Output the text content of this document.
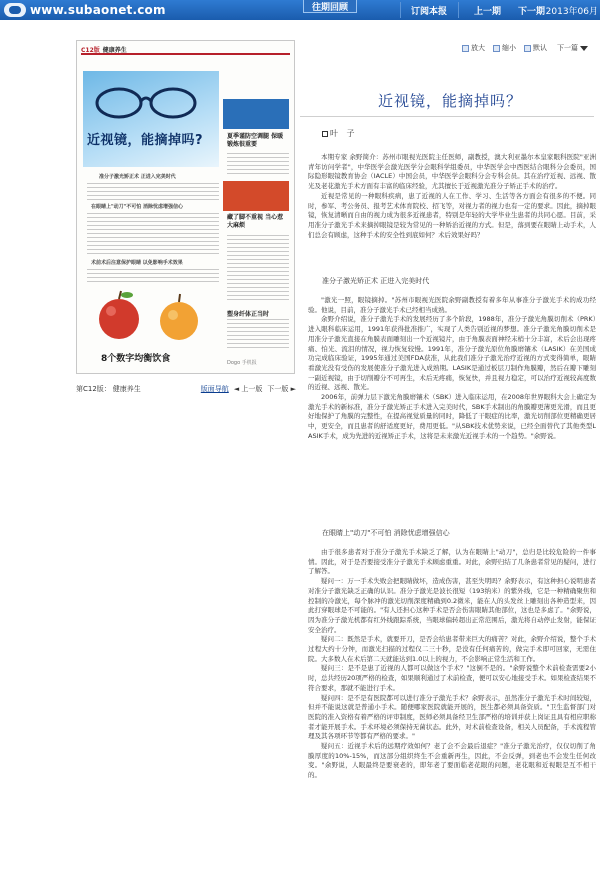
www.subaonet.com	往期回顾	订阅本报	上一期 下一期 2013年06月
C12版 健康养生
近视镜，能摘掉吗?	夏季谨防空调腿 保暖锻炼很重要
藏了脚不重视 当心惹大麻烦
准分子激光矫正术 正进入完美时代
在眼睛上"动刀"不可怕 消除忧虑增强信心
术前术后注意保护眼睛 以免影响手术效果
塑身纤体正当时
8个数字均衡饮食	Dogo 手机报
第C12版： 健康养生	版面导航 ◄ 上一版 下一版 ►
放大 缩小 默认 下一篇
近视镜，能摘掉吗？
叶 子

本期专家 余野简介：苏州市眼视光医院主任医师，副教授，澳大利亚墨尔本皇家眼科医院"亚洲青年访问学者"，中华医学会激光医学分会眼科学组委员，中华医学会中西医结合眼科分会委员，国际隐形眼镜教育协会（IACLE）中国会员，中华医学会眼科分会专科会员。其在治疗近视、远视、散光及老花激光手术方面有丰富的临床经验，尤其擅长于近视激光准分子矫正手术的治疗。

近视是常见的一种眼科疾病，患了近视的人在工作、学习、生活等各方面会有很多的不便。同时，参军、考公务员、报考艺术体育院校、招飞等，对视力者的视力也有一定的要求。因此，摘掉眼镜，恢复清晰而自由的视力成为很多近视患者，特别是年轻的大学毕业生患者的共同心愿。目前，采用准分子激光手术来摘掉眼镜是较为常见的一种矫治近视的方式。但是，落到要在眼睛上动手术，人们总会有顾虑，这种手术的安全性到底如何？术后效果好吗？

准分子激光矫正术 正进入完美时代

"激光一照，眼镜摘掉。"苏州市眼视光医院余野副教授有着多年从事准分子激光手术的成功经验。他说，目前，准分子激光手术已经相当成熟。

余野介绍说，准分子激光手术的发展经历了多个阶段，1988年，准分子激光角膜切削术（PRK）进入眼科临床运用，1991年获得批准推广，实现了人类告别近视的梦想。准分子激光角膜切削术是用准分子激光直接在角膜表面雕刻出一个近视镜片，由于角膜表面神经末梢十分丰富，术后会出现疼痛、怕光、流泪的情况，视力恢复较慢。1991年，准分子激光原位角膜磨镶术（LASIK）在美国成功完成临床验证，1995年通过美国FDA获准，从此我们准分子激光治疗近视的方式变得简单，眼睛看激光没有受伤的发展使准分子激光进入成熟期。LASIK是通过板层刀制作角膜瓣，然后在瓣下雕刻一副近视镜，由于切削瓣分不可再生，术后无疼痛，恢复快，并且视力稳定，可以治疗近视较高度数的近视、远视、散光。

2006年，前弹力层下激光角膜磨镶术（SBK）进入临床运用，在2008年世界眼科大会上确定为激光手术的新标准，准分子激光矫正手术进入完美时代，SBK手术制出的角膜瓣更薄更光滑，而且更好地保护了角膜的完整性，在提高视觉质量的同时，降低了干眼症的比率，激光切削部位更精确更居中，更安全，而且患者的舒适度更好，费用更低。"从SBK技术优势来说，已经全面替代了其他类型LASIK手术，成为先进的近视矫正手术，这将是未来激光近视手术的一个趋势。"余野说。

在眼睛上"动刀"不可怕 消除忧虑增强信心

由于很多患者对于准分子激光手术缺乏了解，认为在眼睛上"动刀"，总归是比较危险的一件事情。因此，对于是否要接受准分子激光手术顾虑重重。对此，余野归结了几条患者常见的疑问，进行了解答。

疑问一：万一手术失败会把眼睛做坏，造成伤害，甚至失明吗？余野表示，有这种担心说明患者对准分子激光缺乏正确的认识。准分子激光是波长很短（193纳米）的紫外线，它是一种精确聚焦和控制的冷激光，每个脉冲的激光切削深度精确到0.2微米，能在人的头发丝上雕刻出各种造型来，因此打穿眼球是不可能的。"有人还担心这种手术是否会伤害眼睛其他部位，这也是多虑了。"余野说，因为准分子激光机都有红外线跟踪系统，当眼球偏转超出正常范围后，激光将自动停止发射，能保证安全治疗。

疑问二：既然是手术，就要开刀，是否会给患者带来巨大的痛苦？对此，余野介绍说，整个手术过程大约十分钟，而激光扫描的过程仅二三十秒，是没有任何痛苦的，做完手术即可回家，无需住院。大多数人在术后第二天就能达到1.0以上的视力，不会影响正常生活和工作。

疑问三：是不是患了近视的人都可以做这个手术？"这倒不是的。"余野说整个术前检查需要2小时，总共经历20项严格的检查，如果顺利通过了术前检查，便可以安心地接受手术。如果检查结果不符合要求，那就不能进行手术。

疑问四：是不是有医院都可以进行准分子激光手术？余野表示，虽然准分子激光手术时间较短，但并不能说这就是普通小手术。随便哪家医院就能开展的，医生都必须具备资质。"卫生监督部门对医院的准入资格有着严格的评审制度，医师必须具备经卫生部严格的培训并获上岗证且具有相应职称者才能开展手术。手术环境必须保持无菌状态。此外，对术前检查设备，相关人员配备，手术流程管理及其各项环节等都有严格的要求。"

疑问五：近视手术后的远期疗效如何？老了会不会最后退症？"准分子激光治疗，仅仅切削了角膜厚度的10%-15%，而这部分组织终生不会重新再生，因此，不会反弹，到老也不会发生任何改变。"余野说，人眼最终是要衰老的，即年老了要面临老花眼的问题，老花眼和近视眼是互不相干的。
